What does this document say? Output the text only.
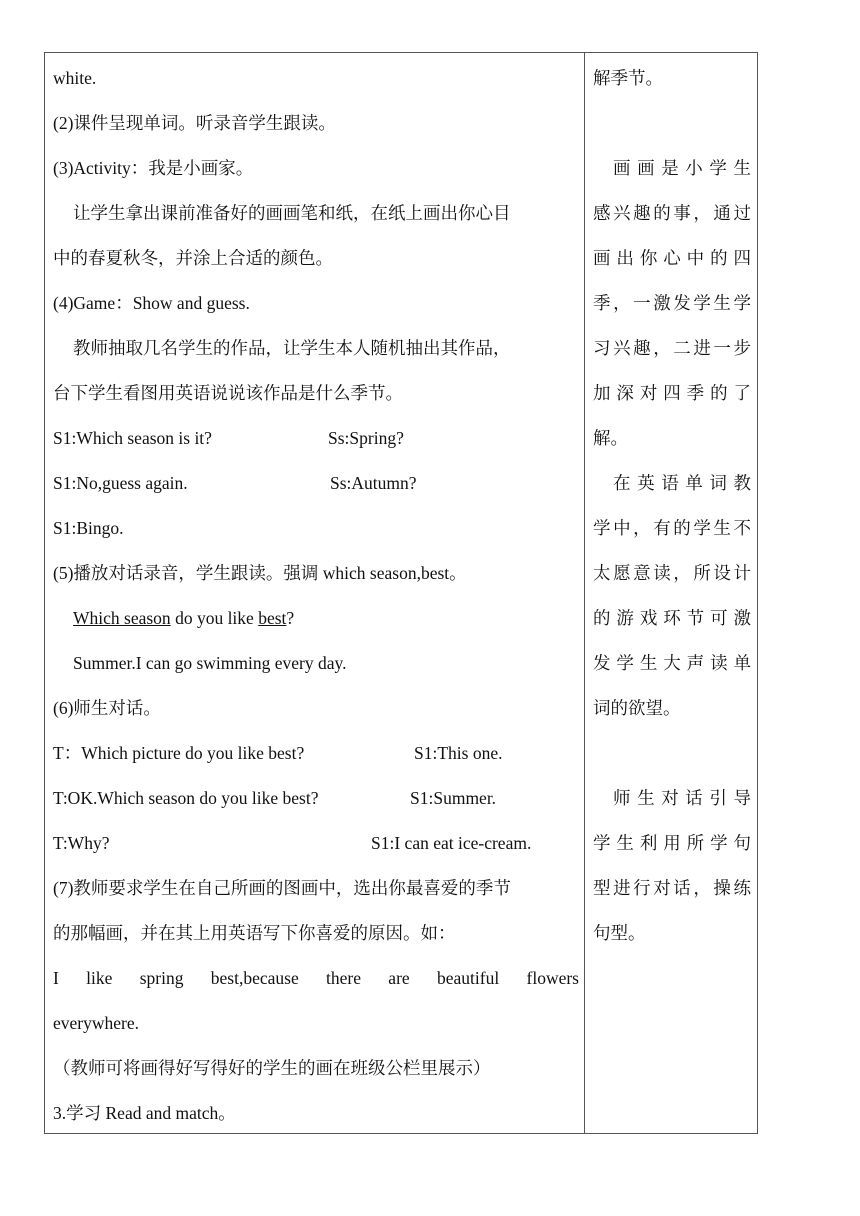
white.
(2)课件呈现单词。听录音学生跟读。
(3)Activity：我是小画家。
让学生拿出课前准备好的画画笔和纸，在纸上画出你心目
中的春夏秋冬，并涂上合适的颜色。
(4)Game：Show and guess.
教师抽取几名学生的作品，让学生本人随机抽出其作品，
台下学生看图用英语说说该作品是什么季节。
S1:Which season is it?	Ss:Spring?
S1:No,guess again.	Ss:Autumn?
S1:Bingo.
(5)播放对话录音，学生跟读。强调 which season,best。
Which season do you like best?
Summer.I can go swimming every day.
(6)师生对话。
T：Which picture do you like best?	S1:This one.
T:OK.Which season do you like best?	S1:Summer.
T:Why?	S1:I can eat ice-cream.
(7)教师要求学生在自己所画的图画中，选出你最喜爱的季节
的那幅画，并在其上用英语写下你喜爱的原因。如：
I like spring best,because there are beautiful flowers
everywhere.
（教师可将画得好写得好的学生的画在班级公栏里展示）
3.学习 Read and match。
解季节。
画画是小学生
感兴趣的事，通过
画出你心中的四
季，一激发学生学
习兴趣，二进一步
加深对四季的了
解。
在英语单词教
学中，有的学生不
太愿意读，所设计
的游戏环节可激
发学生大声读单
词的欲望。
师生对话引导
学生利用所学句
型进行对话，操练
句型。
